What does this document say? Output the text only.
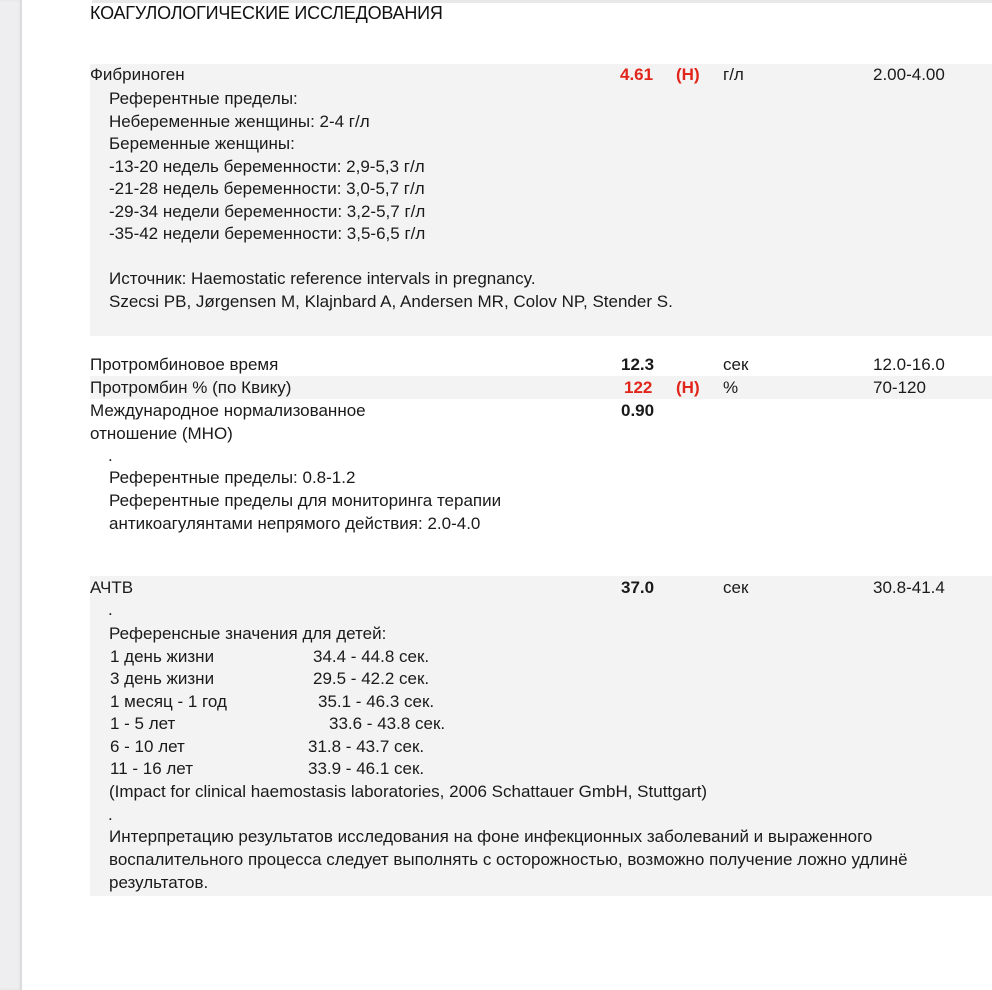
КОАГУЛОЛОГИЧЕСКИЕ ИССЛЕДОВАНИЯ
Фибриноген	4.61 (H) г/л	2.00-4.00
Референтные пределы:
Небеременные женщины: 2-4 г/л
Беременные женщины:
-13-20 недель беременности: 2,9-5,3 г/л
-21-28 недель беременности: 3,0-5,7 г/л
-29-34 недели беременности: 3,2-5,7 г/л
-35-42 недели беременности: 3,5-6,5 г/л
Источник: Haemostatic reference intervals in pregnancy.
Szecsi PB, Jørgensen M, Klajnbard A, Andersen MR, Colov NP, Stender S.
Протромбиновое время	12.3	сек	12.0-16.0
Протромбин % (по Квику)	122 (H) %	70-120
Международное нормализованное
отношение (МНО)
0.90
.
Референтные пределы: 0.8-1.2
Референтные пределы для мониторинга терапии
антикоагулянтами непрямого действия: 2.0-4.0
АЧТВ	37.0	сек	30.8-41.4
.
Референсные значения для детей:
1 день жизни	34.4 - 44.8 сек.
3 день жизни	29.5 - 42.2 сек.
1 месяц - 1 год	35.1 - 46.3 сек.
1 - 5 лет	33.6 - 43.8 сек.
6 - 10 лет	31.8 - 43.7 сек.
11 - 16 лет	33.9 - 46.1 сек.
(Impact for clinical haemostasis laboratories, 2006 Schattauer GmbH, Stuttgart)
.
Интерпретацию результатов исследования на фоне инфекционных заболеваний и выраженного
воспалительного процесса следует выполнять с осторожностью, возможно получение ложно удлинё
результатов.
